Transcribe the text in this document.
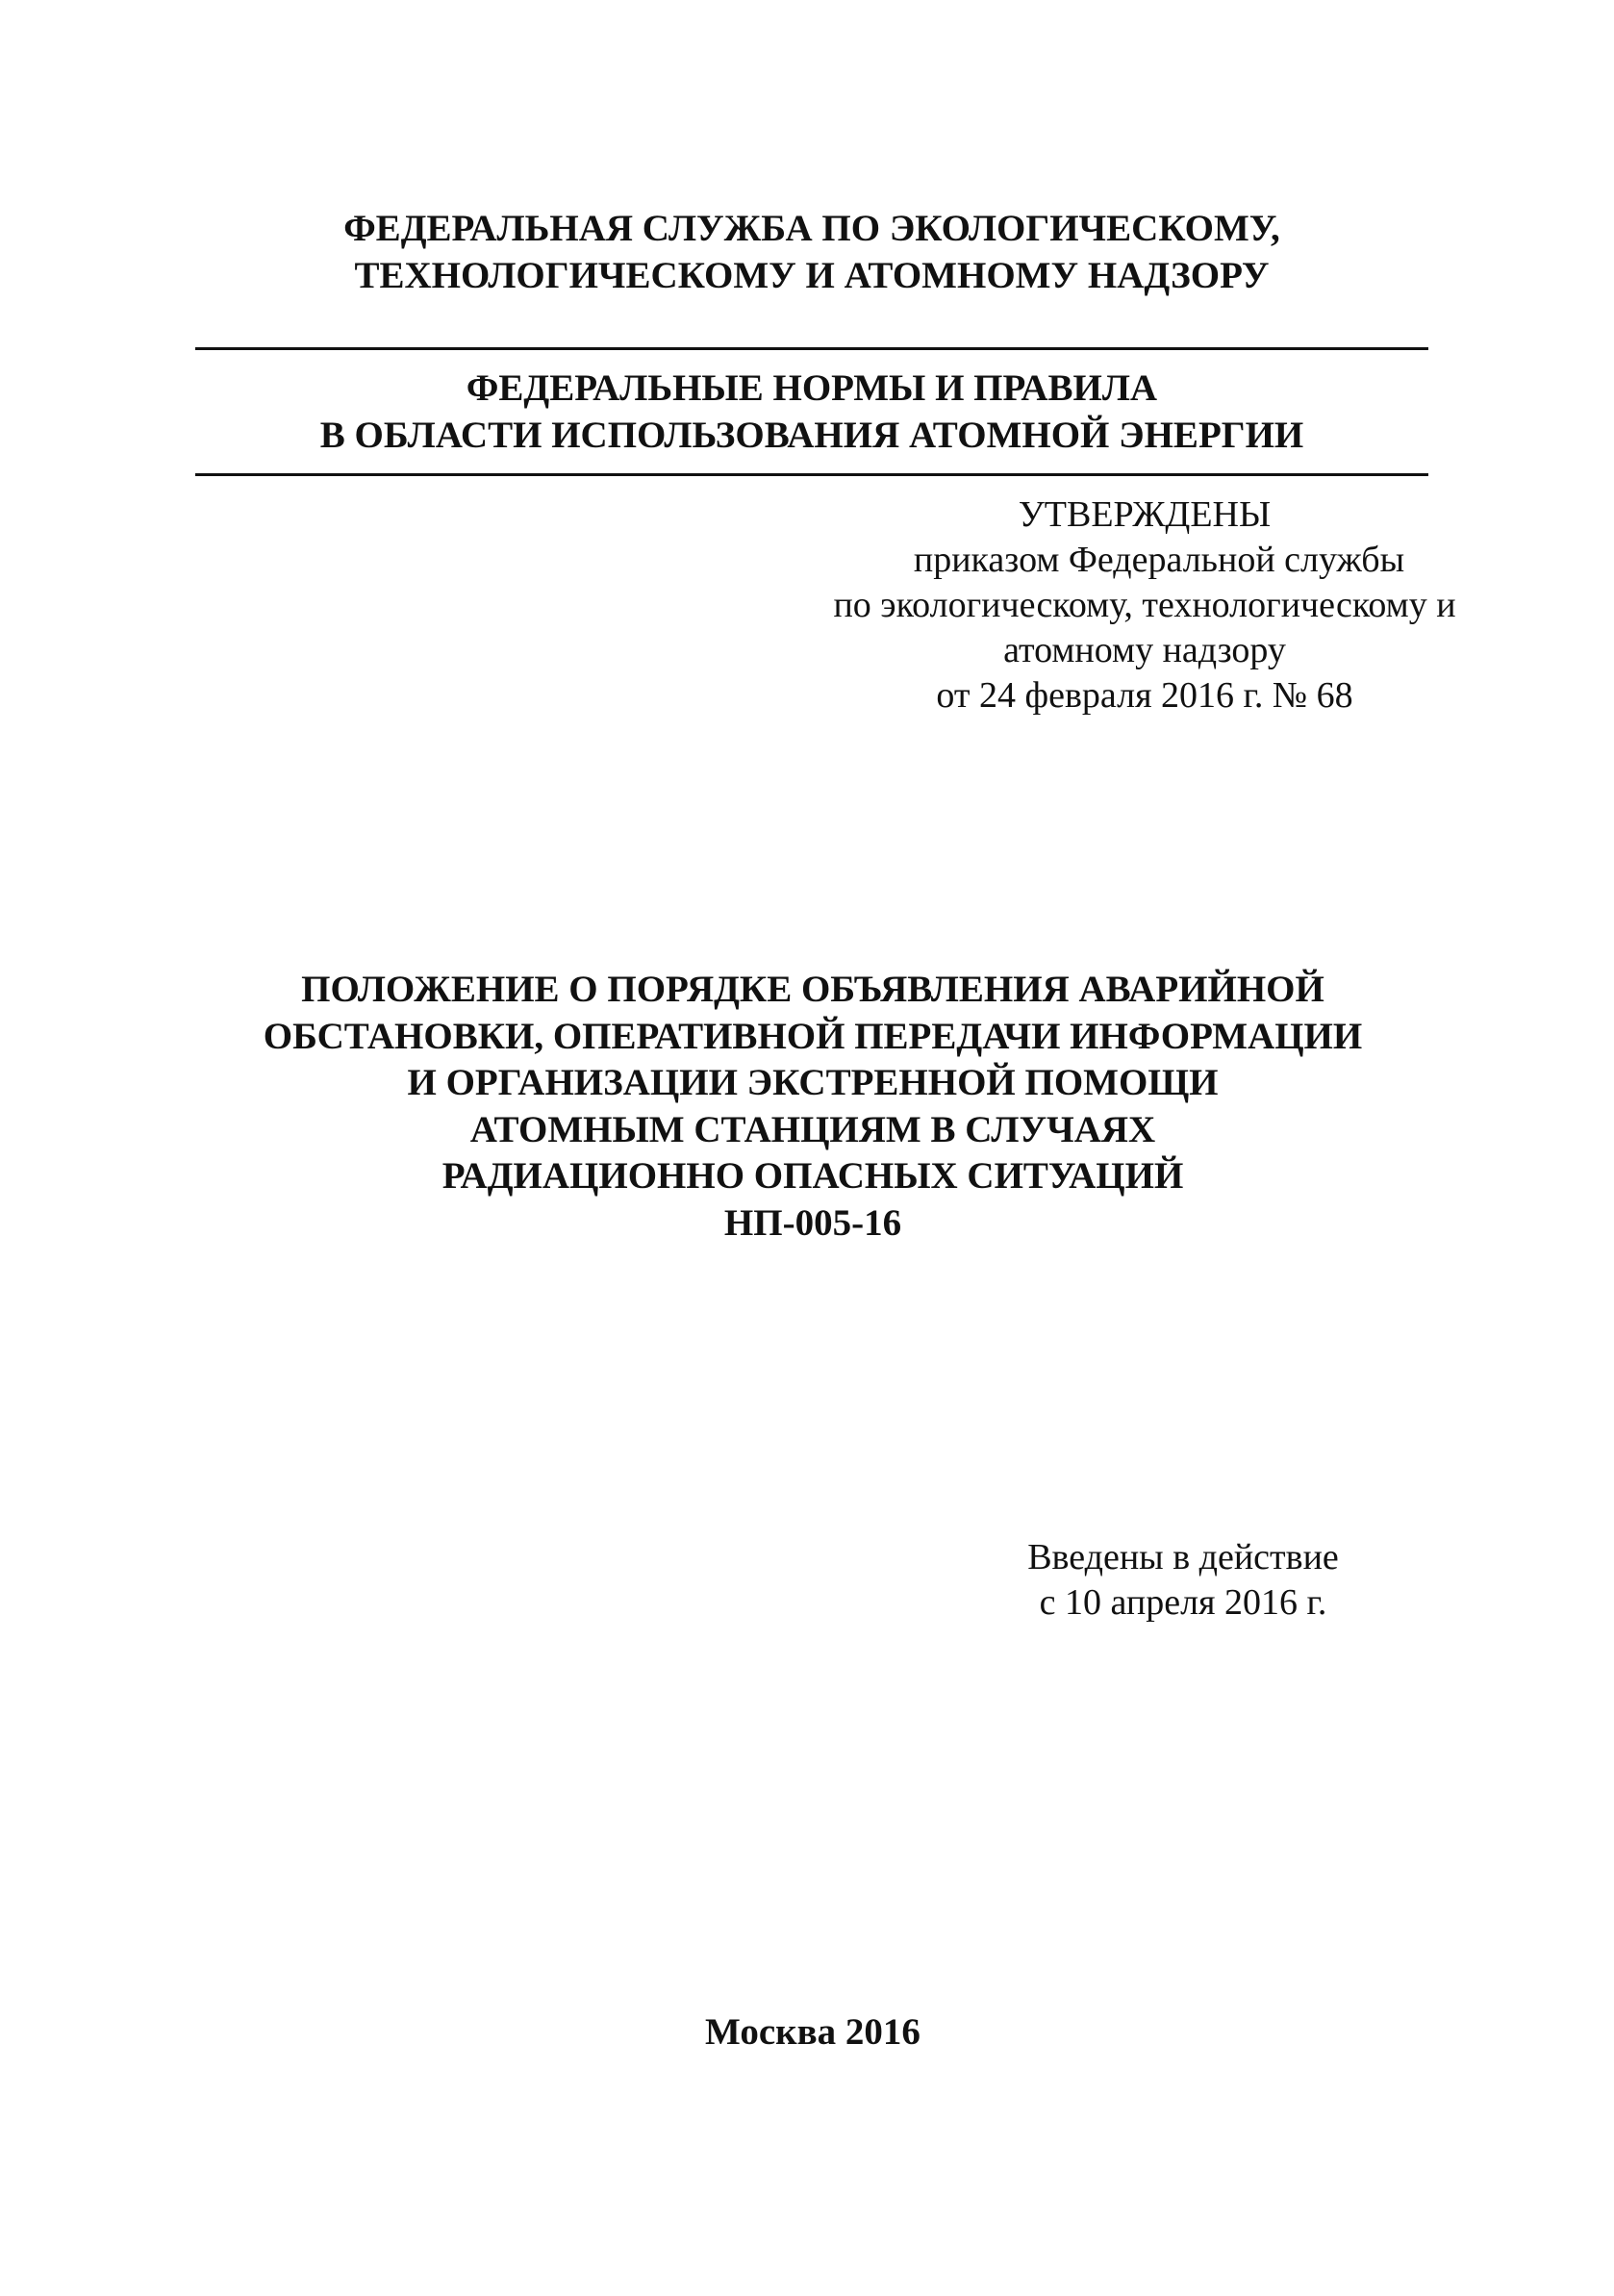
ФЕДЕРАЛЬНАЯ СЛУЖБА ПО ЭКОЛОГИЧЕСКОМУ,
ТЕХНОЛОГИЧЕСКОМУ И АТОМНОМУ НАДЗОРУ
ФЕДЕРАЛЬНЫЕ НОРМЫ И ПРАВИЛА
В ОБЛАСТИ ИСПОЛЬЗОВАНИЯ АТОМНОЙ ЭНЕРГИИ
УТВЕРЖДЕНЫ
приказом Федеральной службы
по экологическому, технологическому и
атомному надзору
от 24 февраля 2016 г. № 68
ПОЛОЖЕНИЕ О ПОРЯДКЕ ОБЪЯВЛЕНИЯ АВАРИЙНОЙ
ОБСТАНОВКИ, ОПЕРАТИВНОЙ ПЕРЕДАЧИ ИНФОРМАЦИИ
И ОРГАНИЗАЦИИ ЭКСТРЕННОЙ ПОМОЩИ
АТОМНЫМ СТАНЦИЯМ В СЛУЧАЯХ
РАДИАЦИОННО ОПАСНЫХ СИТУАЦИЙ
НП-005-16
Введены в действие
с 10 апреля 2016 г.
Москва 2016
